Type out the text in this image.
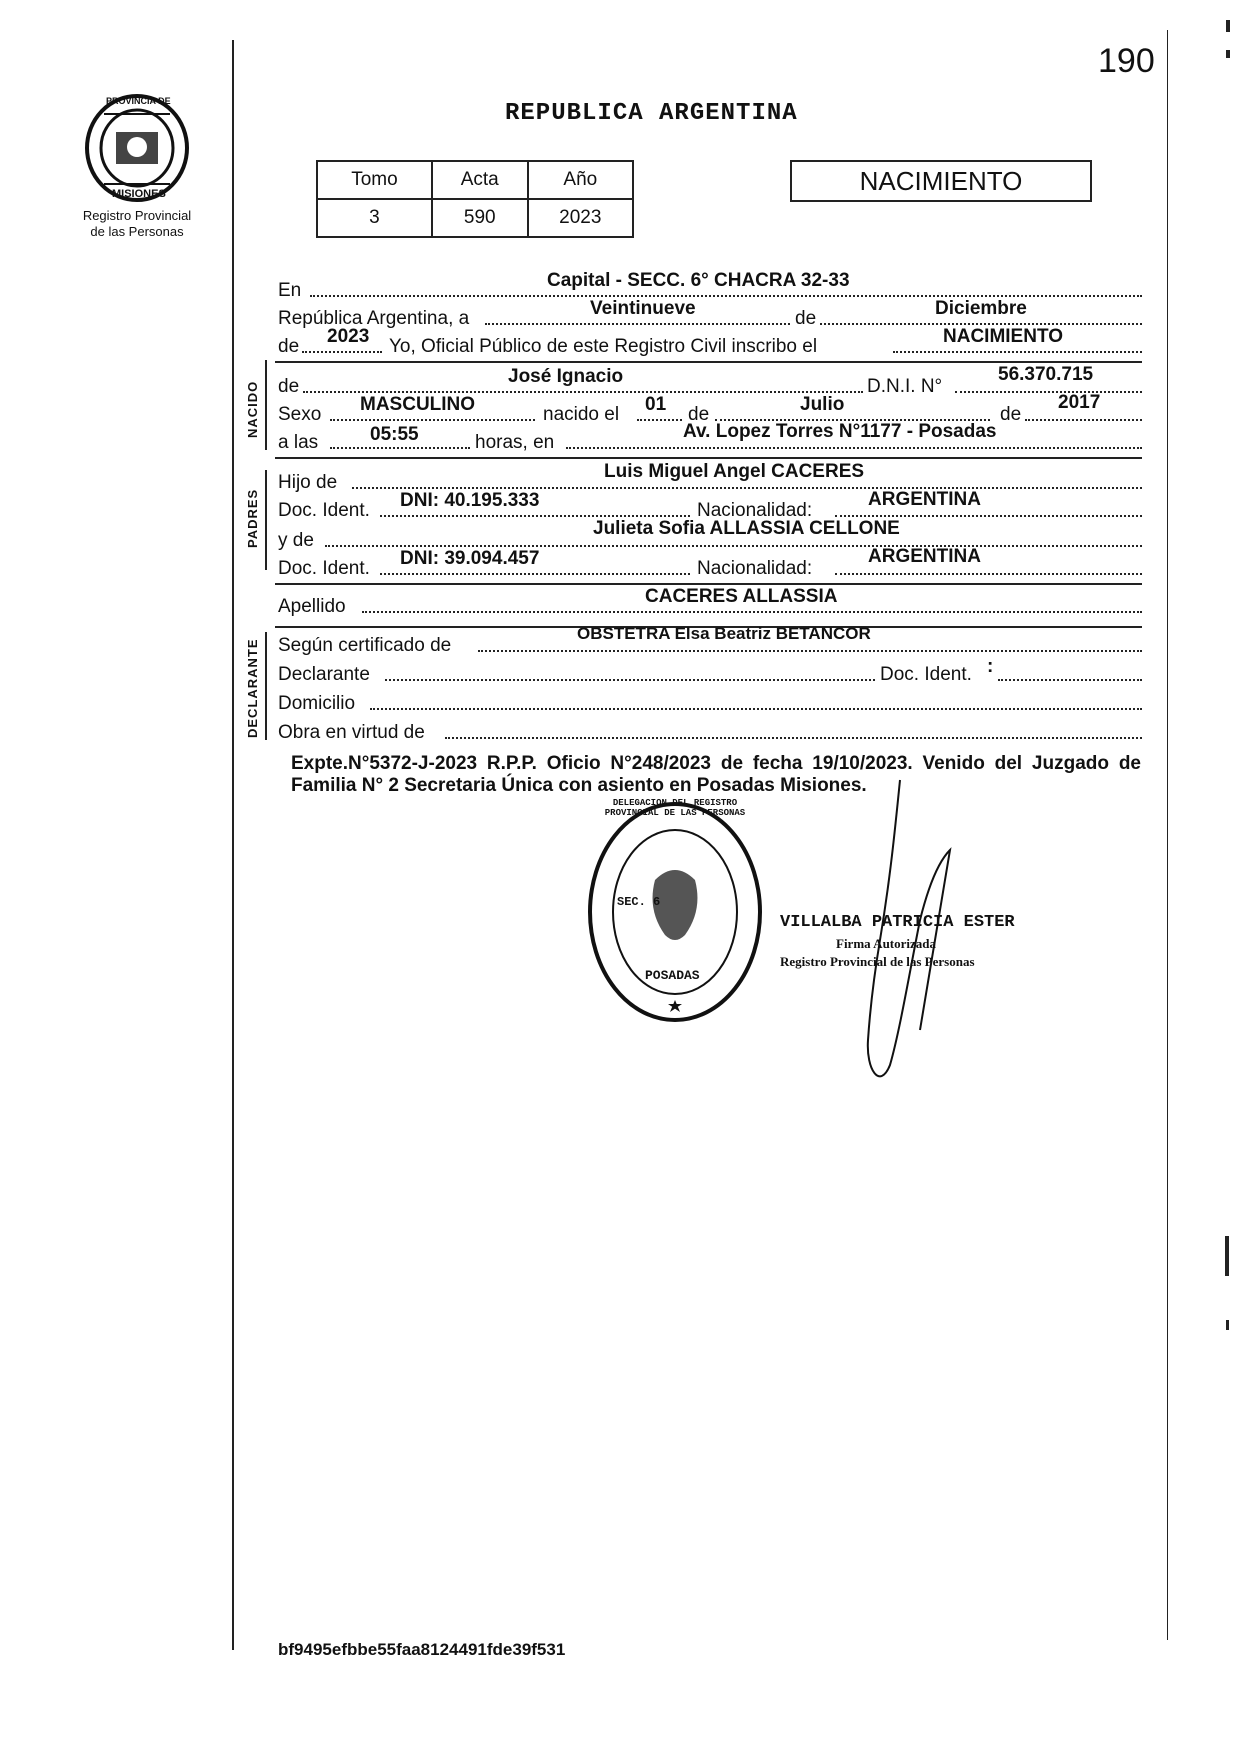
190
PROVINCIA DE
MISIONES
Registro Provincial
de las Personas
REPUBLICA ARGENTINA
Tomo	Acta	Año
3	590	2023
NACIMIENTO
NACIDO
PADRES
DECLARANTE
En	Capital - SECC. 6° CHACRA 32-33
República Argentina, a	Veintinueve	de	Diciembre
de 2023 Yo, Oficial Público de este Registro Civil inscribo el	NACIMIENTO
de	José Ignacio	D.N.I. N°
56.370.715
Sexo MASCULINO	nacido el 01 de	Julio	de
2017
a las	05:55	horas, en
Av. Lopez Torres N°1177 - Posadas
Hijo de
Luis Miguel Angel CACERES
Doc. Ident. DNI: 40.195.333	Nacionalidad:
ARGENTINA
y de
Julieta Sofia ALLASSIA CELLONE
Doc. Ident. DNI: 39.094.457	Nacionalidad:
ARGENTINA
Apellido	CACERES ALLASSIA
Según certificado de
OBSTETRA Elsa Beatriz BETANCOR
Declarante	Doc. Ident. :
Domicilio
Obra en virtud de
Expte.N°5372-J-2023 R.P.P. Oficio N°248/2023 de fecha 19/10/2023. Venido del Juzgado de Familia N° 2 Secretaria Única con asiento en Posadas Misiones.
DELEGACION DEL REGISTRO PROVINCIAL DE LAS PERSONAS
SEC. 6
POSADAS
VILLALBA PATRICIA ESTER
Firma Autorizada
Registro Provincial de las Personas
bf9495efbbe55faa8124491fde39f531
